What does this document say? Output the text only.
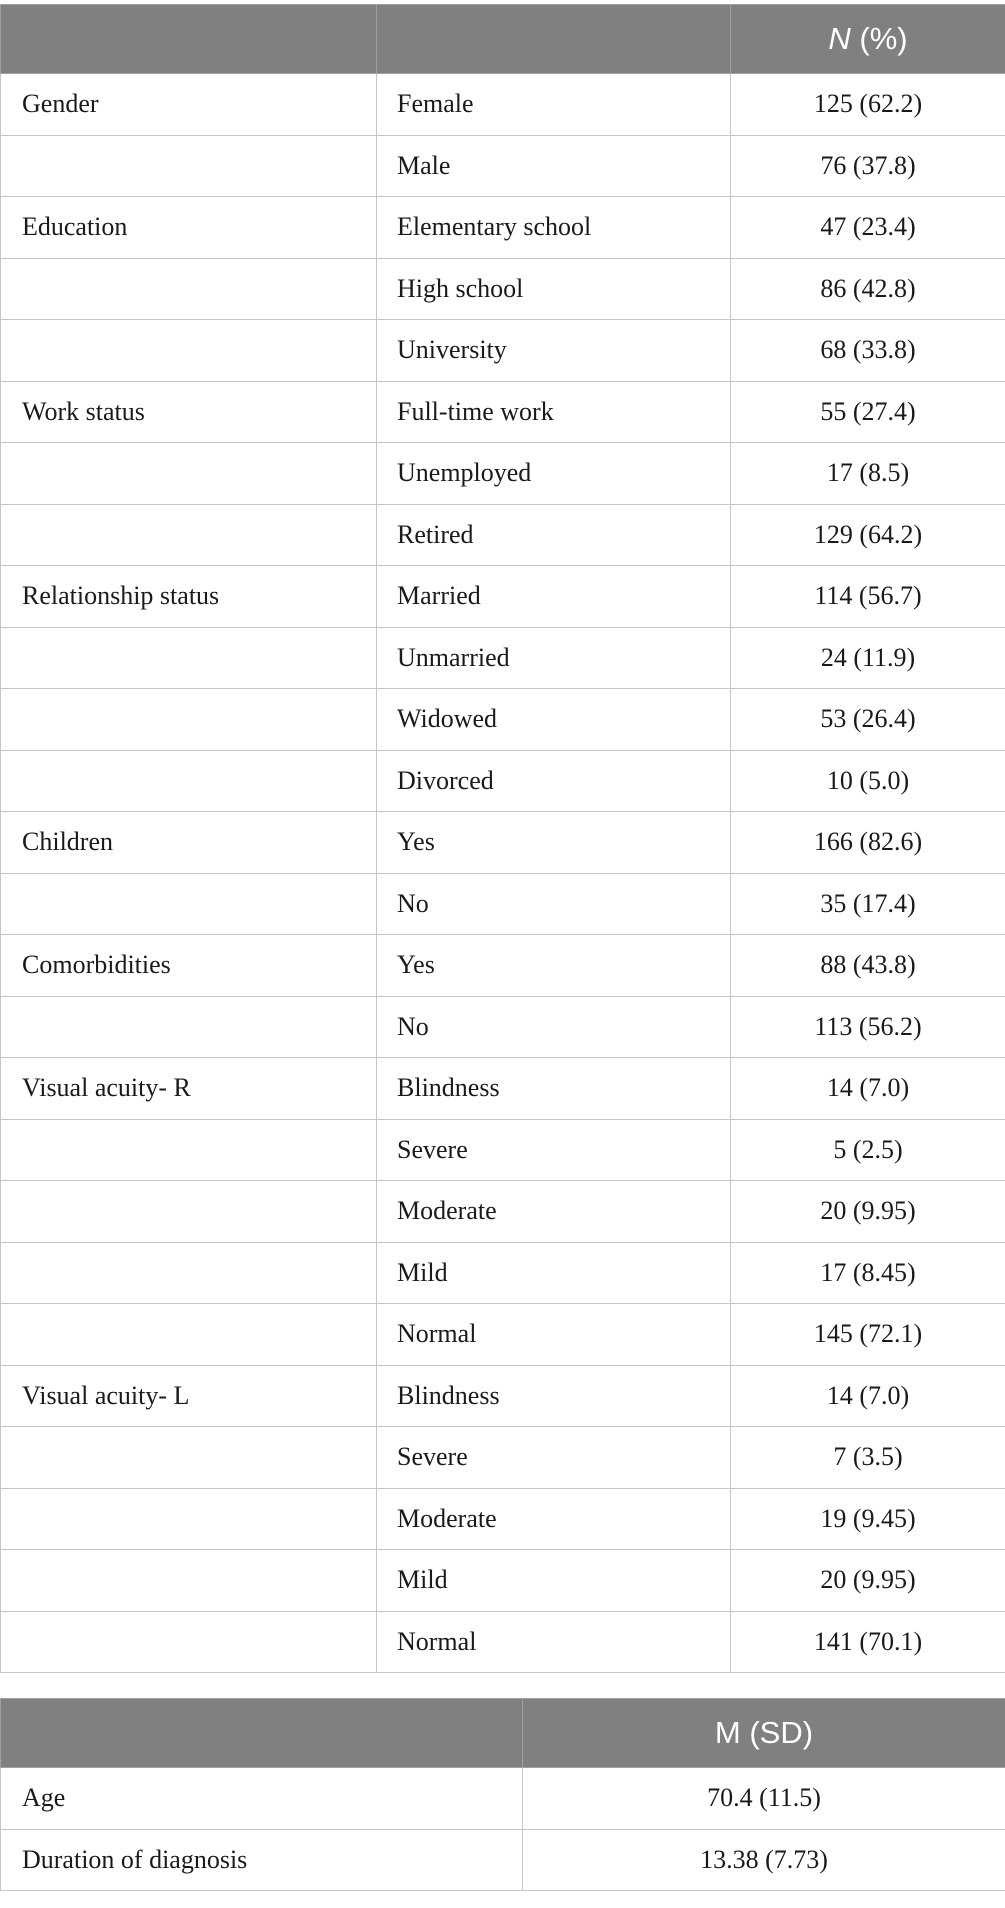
		N (%)
Gender	Female	125 (62.2)
	Male	76 (37.8)
Education	Elementary school	47 (23.4)
	High school	86 (42.8)
	University	68 (33.8)
Work status	Full-time work	55 (27.4)
	Unemployed	17 (8.5)
	Retired	129 (64.2)
Relationship status	Married	114 (56.7)
	Unmarried	24 (11.9)
	Widowed	53 (26.4)
	Divorced	10 (5.0)
Children	Yes	166 (82.6)
	No	35 (17.4)
Comorbidities	Yes	88 (43.8)
	No	113 (56.2)
Visual acuity- R	Blindness	14 (7.0)
	Severe	5 (2.5)
	Moderate	20 (9.95)
	Mild	17 (8.45)
	Normal	145 (72.1)
Visual acuity- L	Blindness	14 (7.0)
	Severe	7 (3.5)
	Moderate	19 (9.45)
	Mild	20 (9.95)
	Normal	141 (70.1)
	M (SD)
Age	70.4 (11.5)
Duration of diagnosis	13.38 (7.73)
